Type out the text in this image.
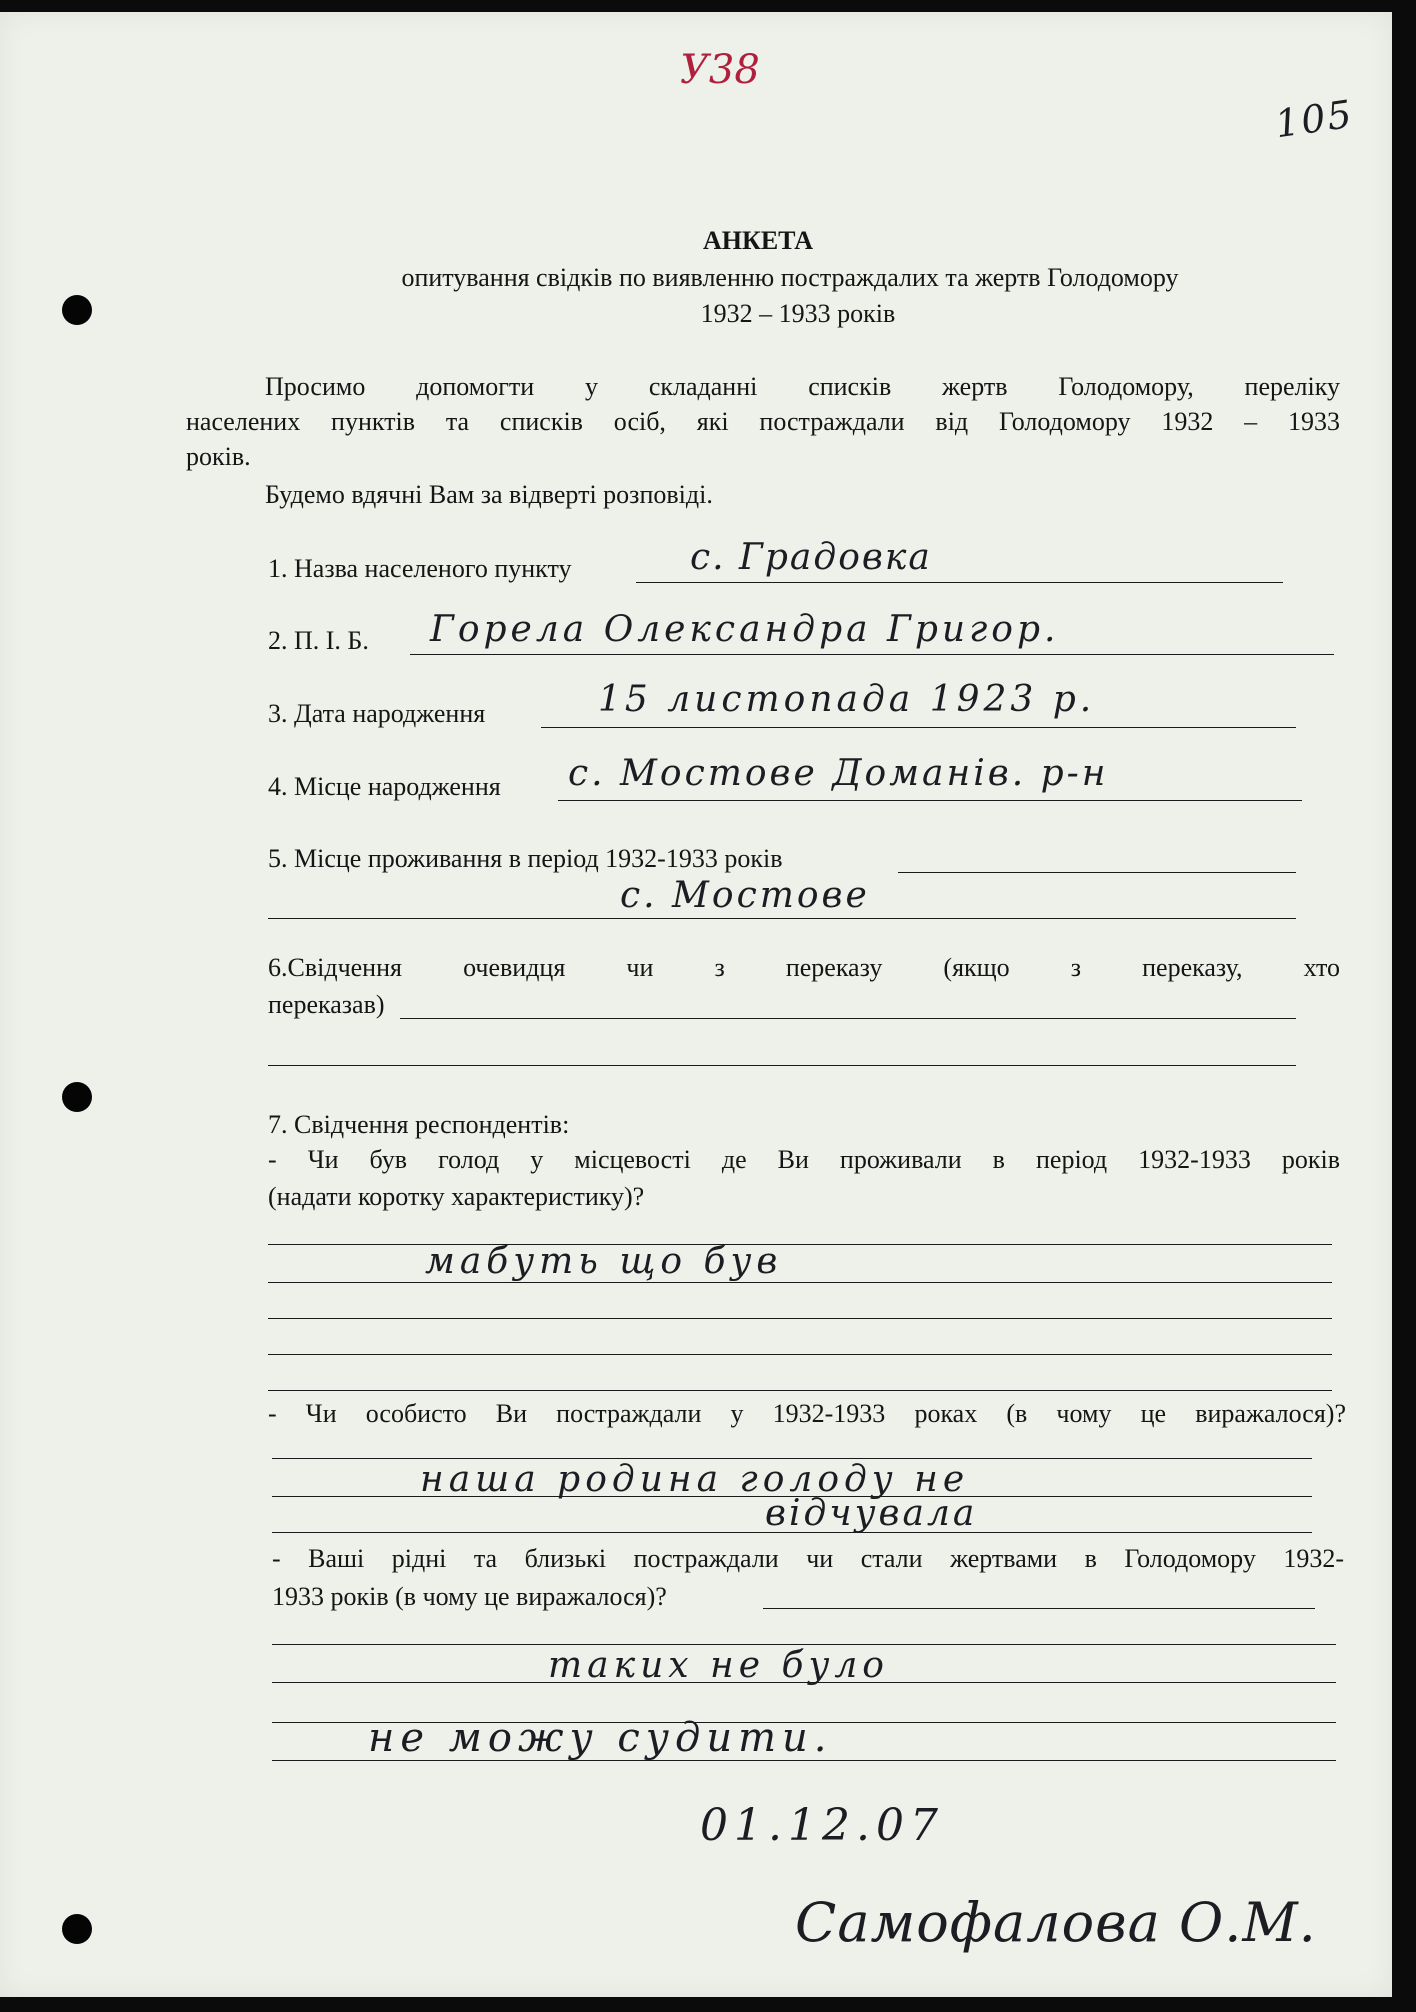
У38
105
АНКЕТА
опитування свідків по виявленню постраждалих та жертв Голодомору
1932 – 1933 років
Просимо допомогти у складанні списків жертв Голодомору, переліку
населених пунктів та списків осіб, які постраждали від Голодомору 1932 – 1933
років.
Будемо вдячні Вам за відверті розповіді.
1. Назва населеного пункту	с. Градовка
2. П. І. Б. Горела Олександра Григор.
3. Дата народження	15 листопада 1923 р.
4. Місце народження с. Мостове Доманів. р-н
5. Місце проживання в період 1932-1933 років
с. Мостове
6.Свідчення очевидця чи з переказу (якщо з переказу, хто
переказав)
7. Свідчення респондентів:
- Чи був голод у місцевості де Ви проживали в період 1932-1933 років
(надати коротку характеристику)?
мабуть що був
- Чи особисто Ви постраждали у 1932-1933 роках (в чому це виражалося)?
наша родина голоду не
відчувала
- Ваші рідні та близькі постраждали чи стали жертвами в Голодомору 1932-
1933 років (в чому це виражалося)?
таких не було
не можу судити.
01.12.07
Самофалова О.М.
